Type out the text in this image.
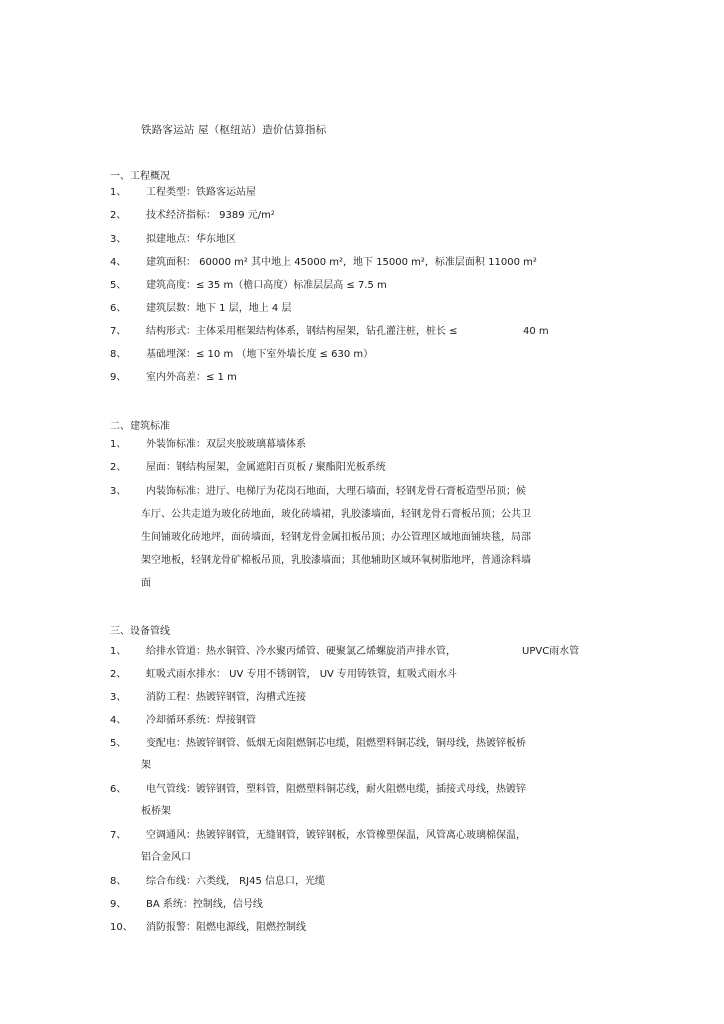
铁路客运站 屋（枢纽站）造价估算指标
一、工程概况
1、 工程类型：铁路客运站屋
2、 技术经济指标： 9389 元$/m^2$
3、 拟建地点：华东地区
4、 建筑面积： 60000 m² 其中地上 45000 m²，地下 15000 m²，标准层面积 11000 m²
5、 建筑高度：≤ 35 m（檐口高度）标准层层高 ≤ 7.5 m
6、 建筑层数：地下 1 层，地上 4 层
7、 结构形式：主体采用框架结构体系，钢结构屋架，钻孔灌注桩，桩长 ≤	40 m
8、 基础埋深：≤ 10 m （地下室外墙长度 ≤ 630 m）
9、 室内外高差：≤ 1 m
二、建筑标准
1、 外装饰标准：双层夹胶玻璃幕墙体系
2、 屋面：钢结构屋架，金属遮阳百页板 / 聚酯阳光板系统
3、 内装饰标准：进厅、电梯厅为花岗石地面，大理石墙面，轻钢龙骨石膏板造型吊顶；候
车厅、公共走道为玻化砖地面，玻化砖墙裙，乳胶漆墙面，轻钢龙骨石膏板吊顶；公共卫
生间铺玻化砖地坪，面砖墙面，轻钢龙骨金属扣板吊顶；办公管理区域地面铺块毯，局部
架空地板，轻钢龙骨矿棉板吊顶，乳胶漆墙面；其他辅助区域环氧树脂地坪，普通涂料墙
面
三、设备管线
1、 给排水管道：热水铜管、冷水聚丙烯管、硬聚氯乙烯螺旋消声排水管，	UPVC雨水管
2、 虹吸式雨水排水： UV 专用不锈钢管， UV 专用铸铁管，虹吸式雨水斗
3、 消防工程：热镀锌钢管，沟槽式连接
4、 冷却循环系统：焊接钢管
5、 变配电：热镀锌钢管、低烟无卤阻燃铜芯电缆，阻燃塑料铜芯线，铜母线，热镀锌板桥
架
6、 电气管线：镀锌钢管，塑料管，阻燃塑料铜芯线，耐火阻燃电缆，插接式母线，热镀锌
板桥架
7、 空调通风：热镀锌钢管，无缝钢管，镀锌钢板，水管橡塑保温，风管离心玻璃棉保温，
铝合金风口
8、 综合布线：六类线， RJ45 信息口，光缆
9、 BA 系统：控制线，信号线
10、 消防报警：阻燃电源线，阻燃控制线
